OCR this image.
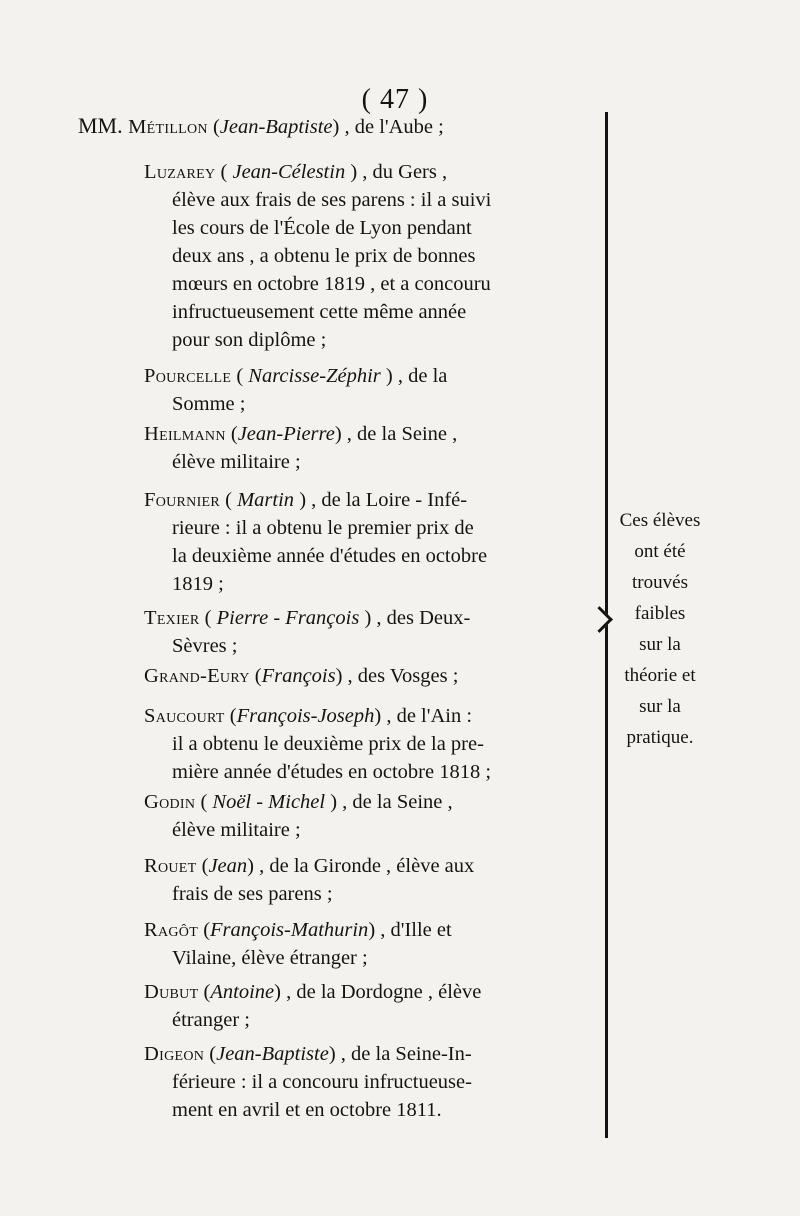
( 47 )
MM. Métillon (Jean-Baptiste) , de l'Aube ;
Luzarey ( Jean-Célestin ) , du Gers ,
élève aux frais de ses parens : il a suivi
les cours de l'École de Lyon pendant
deux ans , a obtenu le prix de bonnes
mœurs en octobre 1819 , et a concouru
infructueusement cette même année
pour son diplôme ;
Pourcelle ( Narcisse-Zéphir ) , de la
Somme ;
Heilmann (Jean-Pierre) , de la Seine ,
élève militaire ;
Fournier ( Martin ) , de la Loire - Infé-
rieure : il a obtenu le premier prix de
la deuxième année d'études en octobre
1819 ;
Texier ( Pierre - François ) , des Deux-
Sèvres ;
Grand-Eury (François) , des Vosges ;
Saucourt (François-Joseph) , de l'Ain :
il a obtenu le deuxième prix de la pre-
mière année d'études en octobre 1818 ;
Godin ( Noël - Michel ) , de la Seine ,
élève militaire ;
Rouet (Jean) , de la Gironde , élève aux
frais de ses parens ;
Ragôt (François-Mathurin) , d'Ille et
Vilaine, élève étranger ;
Dubut (Antoine) , de la Dordogne , élève
étranger ;
Digeon (Jean-Baptiste) , de la Seine-In-
férieure : il a concouru infructueuse-
ment en avril et en octobre 1811.
Ces élèves
ont été
trouvés
faibles
sur la
théorie et
sur la
pratique.
